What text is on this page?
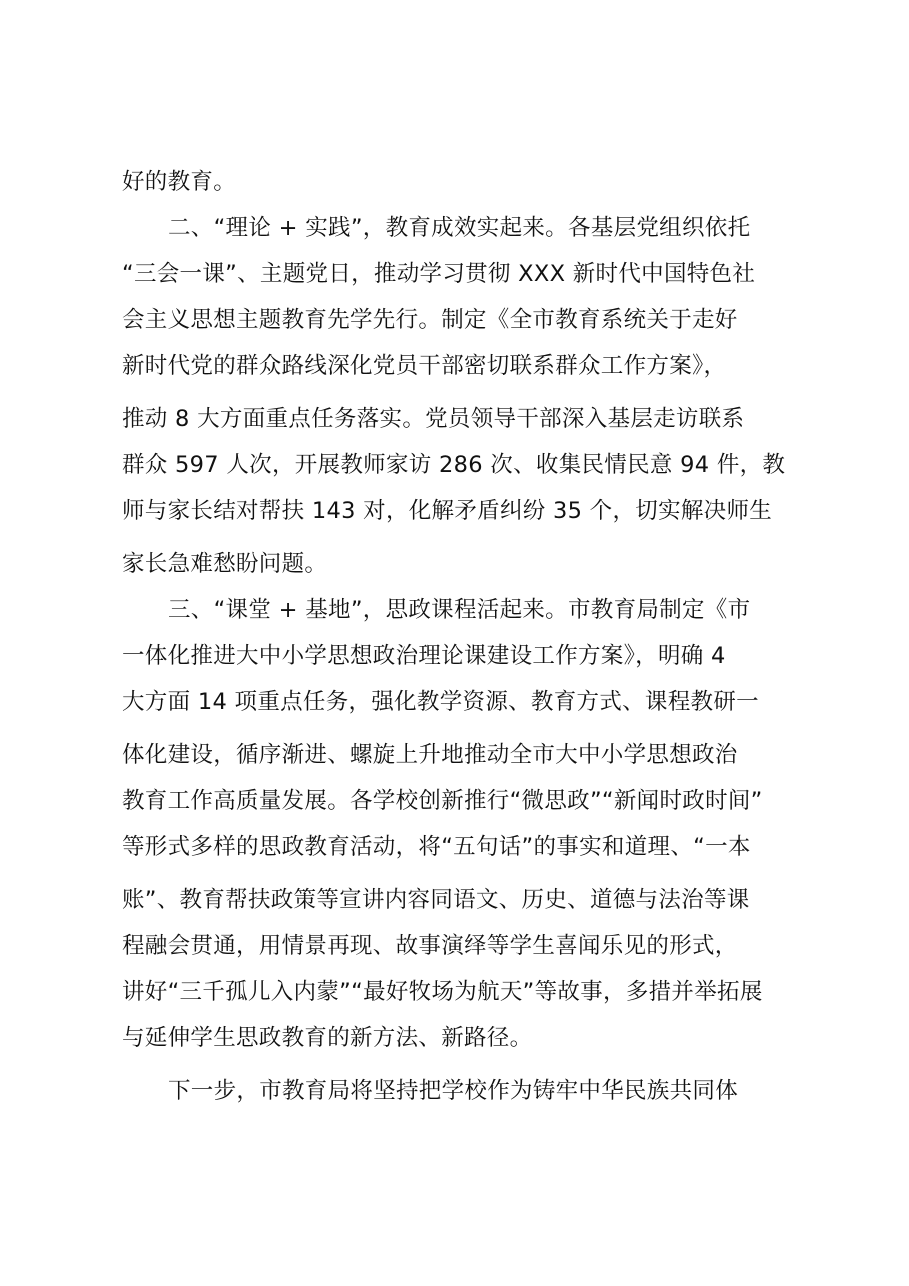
好的教育。
二、“理论 + 实践”，教育成效实起来。各基层党组织依托
“三会一课”、主题党日，推动学习贯彻 XXX 新时代中国特色社
会主义思想主题教育先学先行。制定《全市教育系统关于走好
新时代党的群众路线深化党员干部密切联系群众工作方案》，
推动 8 大方面重点任务落实。党员领导干部深入基层走访联系
群众 597 人次，开展教师家访 286 次、收集民情民意 94 件，教
师与家长结对帮扶 143 对，化解矛盾纠纷 35 个，切实解决师生
家长急难愁盼问题。
三、“课堂 + 基地”，思政课程活起来。市教育局制定《市
一体化推进大中小学思想政治理论课建设工作方案》，明确 4
大方面 14 项重点任务，强化教学资源、教育方式、课程教研一
体化建设，循序渐进、螺旋上升地推动全市大中小学思想政治
教育工作高质量发展。各学校创新推行“微思政”“新闻时政时间”
等形式多样的思政教育活动，将“五句话”的事实和道理、“一本
账”、教育帮扶政策等宣讲内容同语文、历史、道德与法治等课
程融会贯通，用情景再现、故事演绎等学生喜闻乐见的形式，
讲好“三千孤儿入内蒙”“最好牧场为航天”等故事，多措并举拓展
与延伸学生思政教育的新方法、新路径。
下一步，市教育局将坚持把学校作为铸牢中华民族共同体
